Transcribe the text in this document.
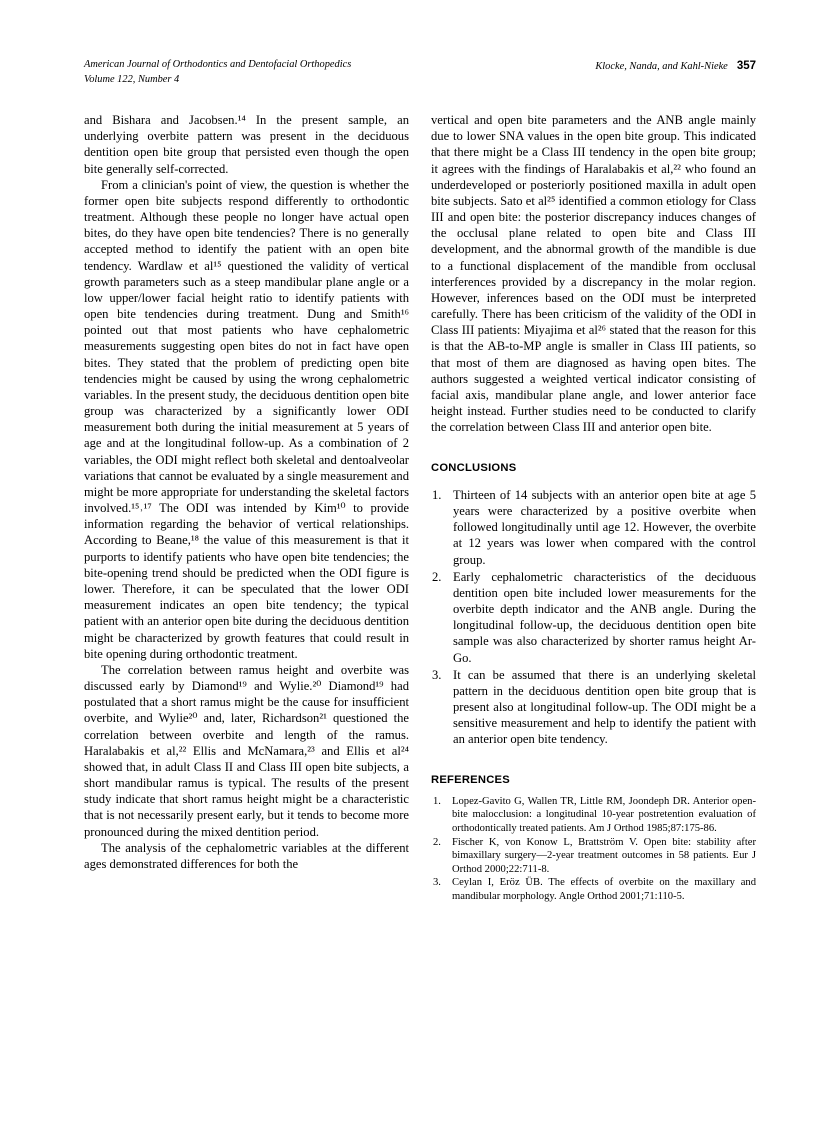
American Journal of Orthodontics and Dentofacial Orthopedics
Volume 122, Number 4
Klocke, Nanda, and Kahl-Nieke 357

and Bishara and Jacobsen.¹⁴ In the present sample, an underlying overbite pattern was present in the deciduous dentition open bite group that persisted even though the open bite generally self-corrected.

From a clinician's point of view, the question is whether the former open bite subjects respond differently to orthodontic treatment. Although these people no longer have actual open bites, do they have open bite tendencies? There is no generally accepted method to identify the patient with an open bite tendency. Wardlaw et al¹⁵ questioned the validity of vertical growth parameters such as a steep mandibular plane angle or a low upper/lower facial height ratio to identify patients with open bite tendencies during treatment. Dung and Smith¹⁶ pointed out that most patients who have cephalometric measurements suggesting open bites do not in fact have open bites. They stated that the problem of predicting open bite tendencies might be caused by using the wrong cephalometric variables. In the present study, the deciduous dentition open bite group was characterized by a significantly lower ODI measurement both during the initial measurement at 5 years of age and at the longitudinal follow-up. As a combination of 2 variables, the ODI might reflect both skeletal and dentoalveolar variations that cannot be evaluated by a single measurement and might be more appropriate for understanding the skeletal factors involved.¹⁵˒¹⁷ The ODI was intended by Kim¹⁰ to provide information regarding the behavior of vertical relationships. According to Beane,¹⁸ the value of this measurement is that it purports to identify patients who have open bite tendencies; the bite-opening trend should be predicted when the ODI figure is lower. Therefore, it can be speculated that the lower ODI measurement indicates an open bite tendency; the typical patient with an anterior open bite during the deciduous dentition might be characterized by growth features that could result in bite opening during orthodontic treatment.

The correlation between ramus height and overbite was discussed early by Diamond¹⁹ and Wylie.²⁰ Diamond¹⁹ had postulated that a short ramus might be the cause for insufficient overbite, and Wylie²⁰ and, later, Richardson²¹ questioned the correlation between overbite and length of the ramus. Haralabakis et al,²² Ellis and McNamara,²³ and Ellis et al²⁴ showed that, in adult Class II and Class III open bite subjects, a short mandibular ramus is typical. The results of the present study indicate that short ramus height might be a characteristic that is not necessarily present early, but it tends to become more pronounced during the mixed dentition period.

The analysis of the cephalometric variables at the different ages demonstrated differences for both the

vertical and open bite parameters and the ANB angle mainly due to lower SNA values in the open bite group. This indicated that there might be a Class III tendency in the open bite group; it agrees with the findings of Haralabakis et al,²² who found an underdeveloped or posteriorly positioned maxilla in adult open bite subjects. Sato et al²⁵ identified a common etiology for Class III and open bite: the posterior discrepancy induces changes of the occlusal plane related to open bite and Class III development, and the abnormal growth of the mandible is due to a functional displacement of the mandible from occlusal interferences provided by a discrepancy in the molar region. However, inferences based on the ODI must be interpreted carefully. There has been criticism of the validity of the ODI in Class III patients: Miyajima et al²⁶ stated that the reason for this is that the AB-to-MP angle is smaller in Class III patients, so that most of them are diagnosed as having open bites. The authors suggested a weighted vertical indicator consisting of facial axis, mandibular plane angle, and lower anterior face height instead. Further studies need to be conducted to clarify the correlation between Class III and anterior open bite.

CONCLUSIONS
Thirteen of 14 subjects with an anterior open bite at age 5 years were characterized by a positive overbite when followed longitudinally until age 12. However, the overbite at 12 years was lower when compared with the control group.
Early cephalometric characteristics of the deciduous dentition open bite included lower measurements for the overbite depth indicator and the ANB angle. During the longitudinal follow-up, the deciduous dentition open bite sample was also characterized by shorter ramus height Ar-Go.
It can be assumed that there is an underlying skeletal pattern in the deciduous dentition open bite group that is present also at longitudinal follow-up. The ODI might be a sensitive measurement and help to identify the patient with an anterior open bite tendency.
REFERENCES
Lopez-Gavito G, Wallen TR, Little RM, Joondeph DR. Anterior open-bite malocclusion: a longitudinal 10-year postretention evaluation of orthodontically treated patients. Am J Orthod 1985;87:175-86.
Fischer K, von Konow L, Brattström V. Open bite: stability after bimaxillary surgery—2-year treatment outcomes in 58 patients. Eur J Orthod 2000;22:711-8.
Ceylan I, Eröz ÜB. The effects of overbite on the maxillary and mandibular morphology. Angle Orthod 2001;71:110-5.
